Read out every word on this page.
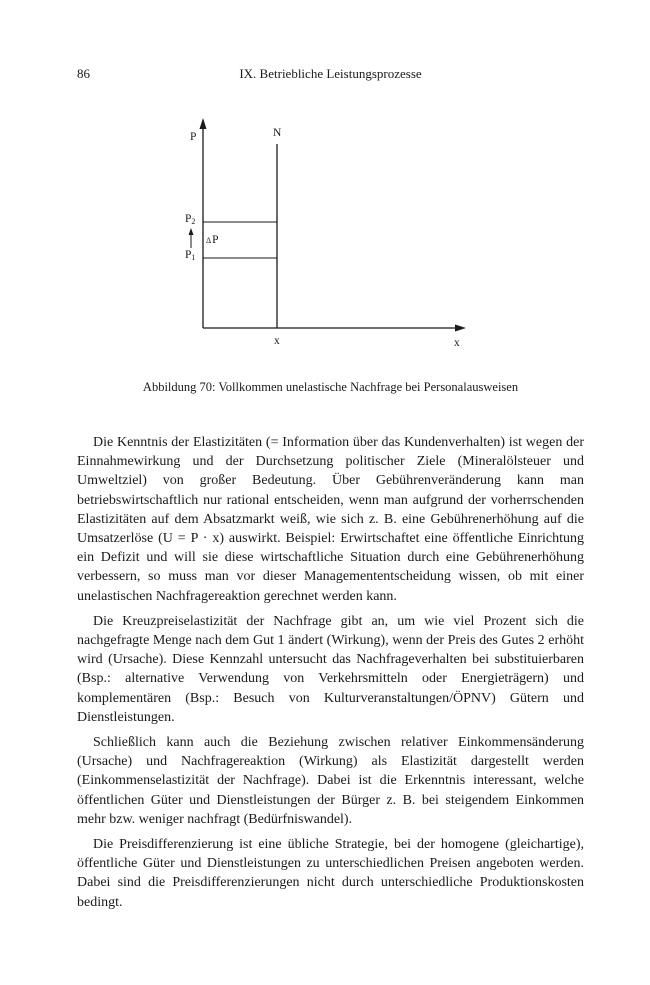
86	IX. Betriebliche Leistungsprozesse
P	N
$P_2$
ΔP
$P_1$
x	x
Abbildung 70: Vollkommen unelastische Nachfrage bei Personalausweisen

Die Kenntnis der Elastizitäten (= Information über das Kundenverhalten) ist wegen der Einnahmewirkung und der Durchsetzung politischer Ziele (Mineralölsteuer und Umweltziel) von großer Bedeutung. Über Gebührenveränderung kann man betriebswirtschaftlich nur rational entscheiden, wenn man aufgrund der vorherrschenden Elastizitäten auf dem Absatzmarkt weiß, wie sich z. B. eine Gebührenerhöhung auf die Umsatzerlöse (U = P · x) auswirkt. Beispiel: Erwirtschaftet eine öffentliche Einrichtung ein Defizit und will sie diese wirtschaftliche Situation durch eine Gebührenerhöhung verbessern, so muss man vor dieser Managemententscheidung wissen, ob mit einer unelastischen Nachfragereaktion gerechnet werden kann.

Die Kreuzpreiselastizität der Nachfrage gibt an, um wie viel Prozent sich die nachgefragte Menge nach dem Gut 1 ändert (Wirkung), wenn der Preis des Gutes 2 erhöht wird (Ursache). Diese Kennzahl untersucht das Nachfrageverhalten bei substituierbaren (Bsp.: alternative Verwendung von Verkehrsmitteln oder Energieträgern) und komplementären (Bsp.: Besuch von Kulturveranstaltungen/ÖPNV) Gütern und Dienstleistungen.

Schließlich kann auch die Beziehung zwischen relativer Einkommensänderung (Ursache) und Nachfragereaktion (Wirkung) als Elastizität dargestellt werden (Einkommenselastizität der Nachfrage). Dabei ist die Erkenntnis interessant, welche öffentlichen Güter und Dienstleistungen der Bürger z. B. bei steigendem Einkommen mehr bzw. weniger nachfragt (Bedürfniswandel).

Die Preisdifferenzierung ist eine übliche Strategie, bei der homogene (gleichartige), öffentliche Güter und Dienstleistungen zu unterschiedlichen Preisen angeboten werden. Dabei sind die Preisdifferenzierungen nicht durch unterschiedliche Produktionskosten bedingt.
